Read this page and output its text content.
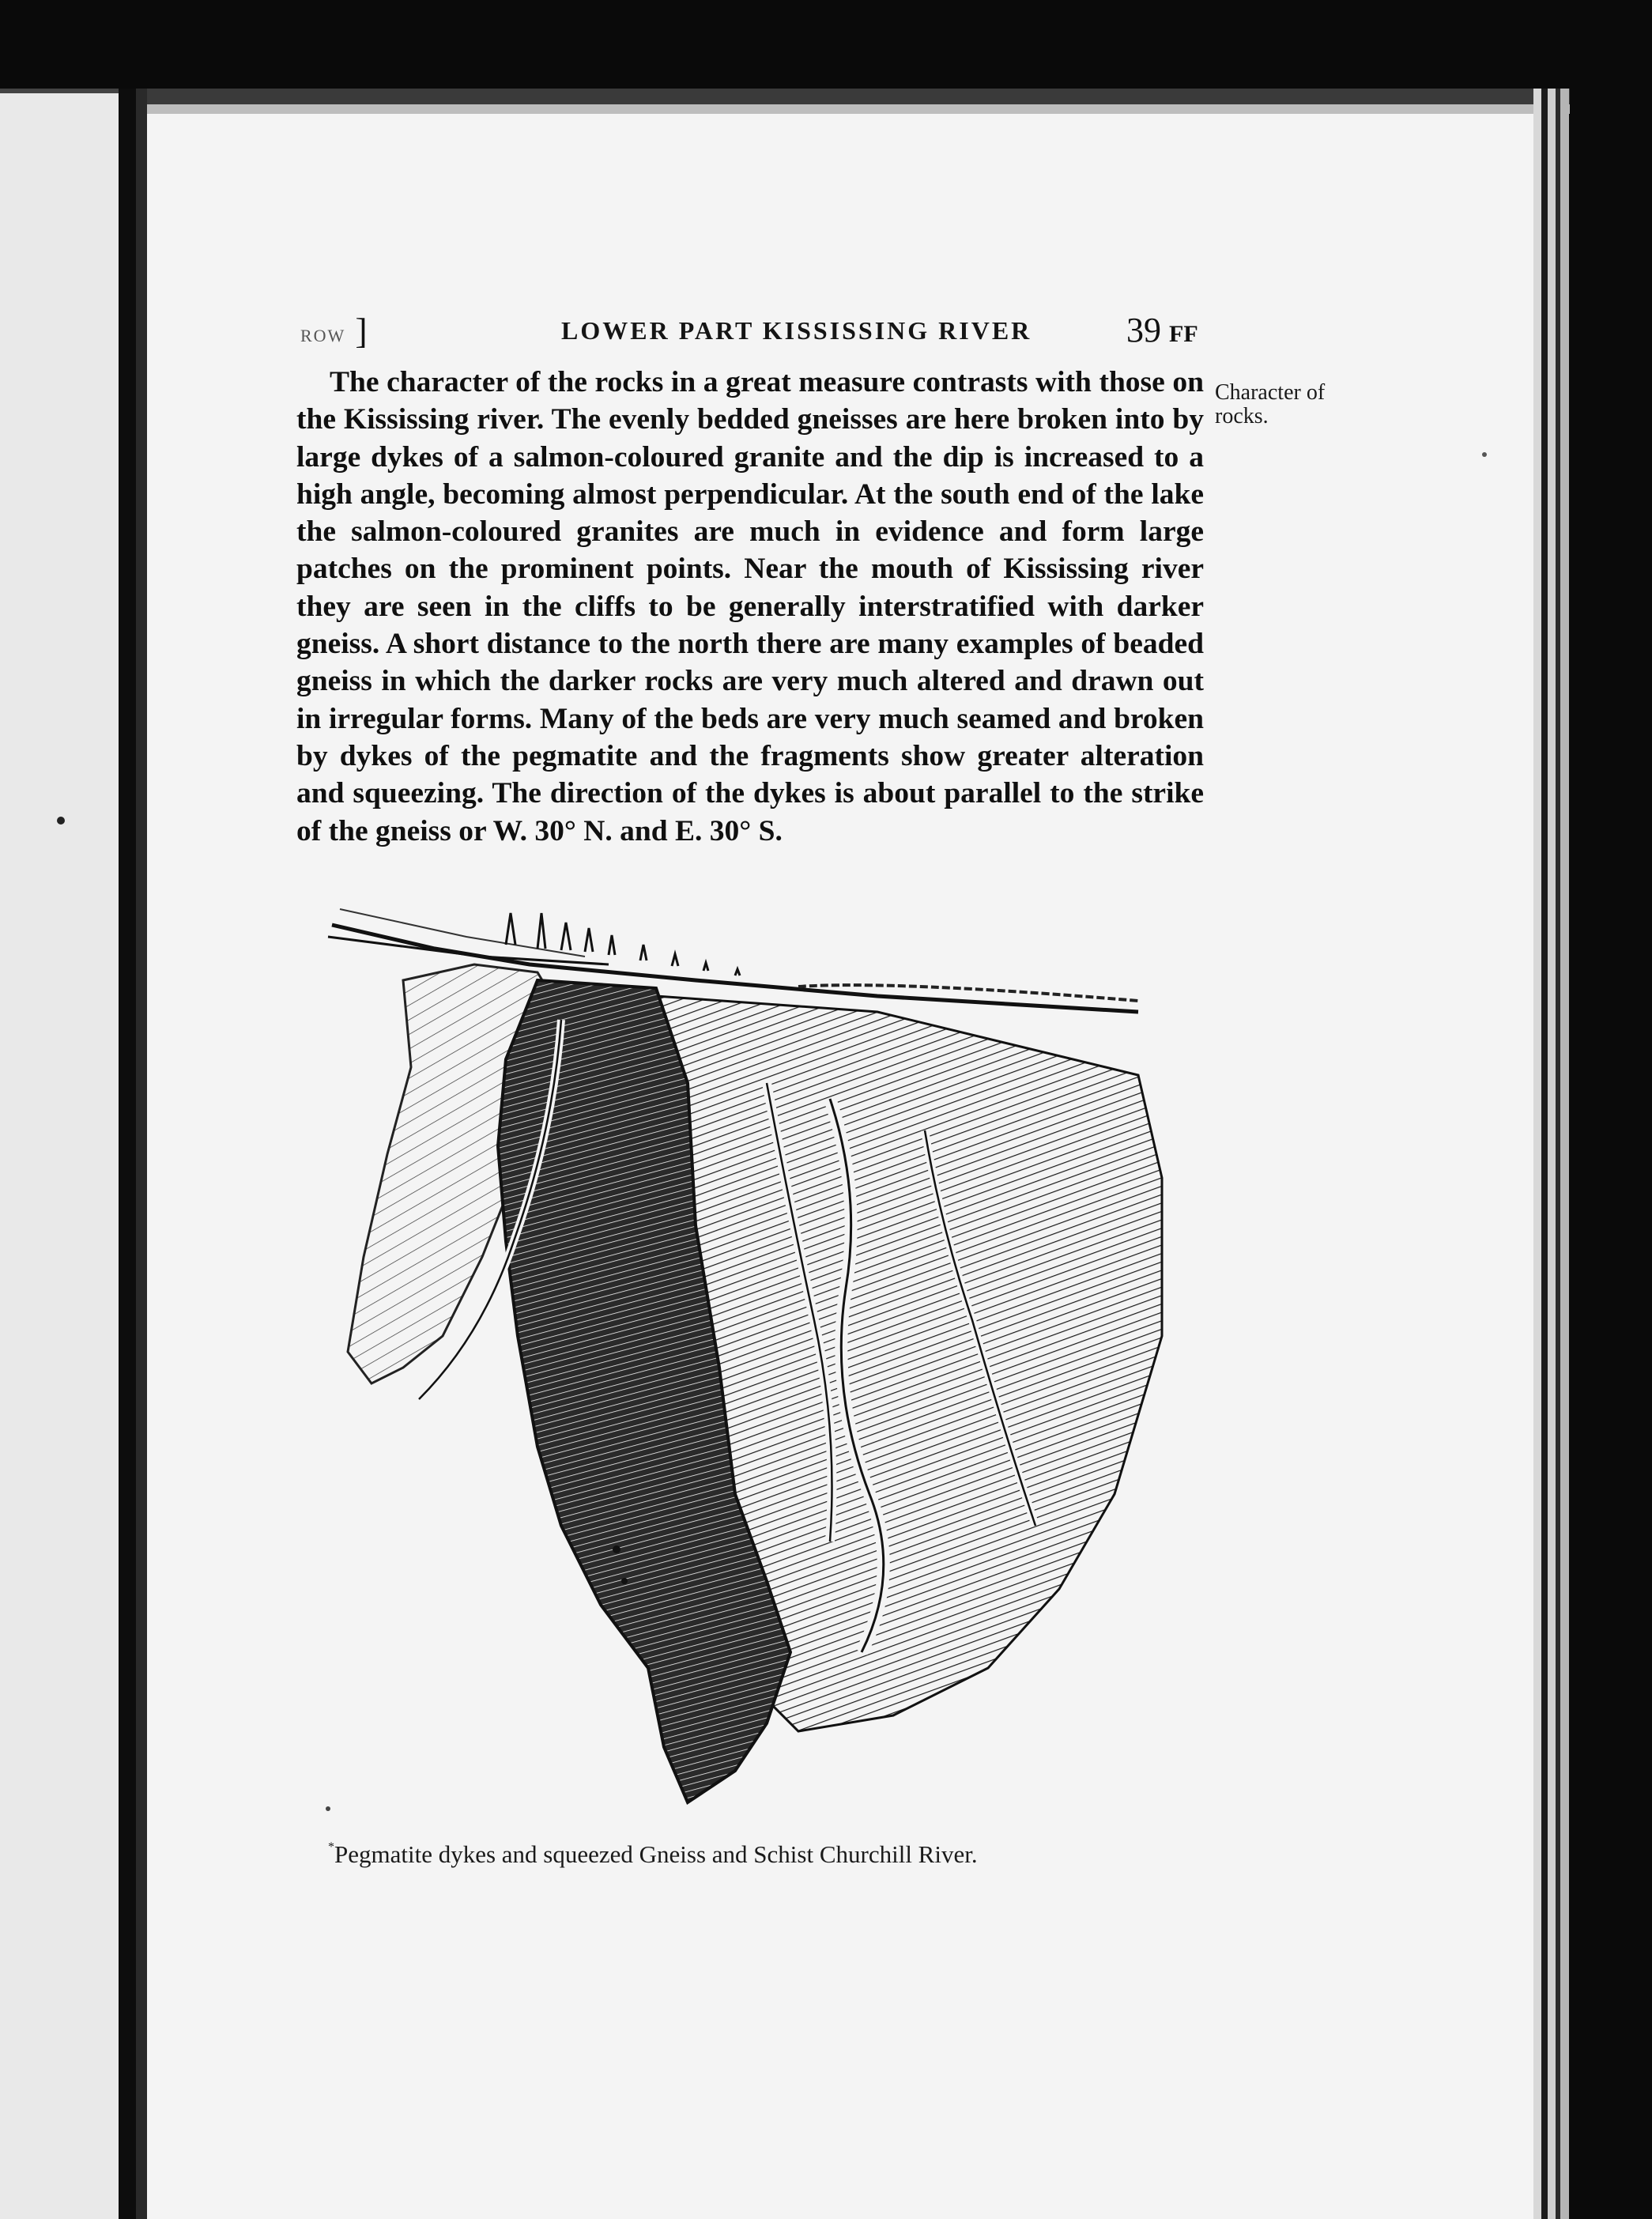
ROW ]	LOWER PART KISSISSING RIVER	39 FF
Character of rocks.

The character of the rocks in a great measure contrasts with those on the Kississing river. The evenly bedded gneisses are here broken into by large dykes of a salmon-coloured granite and the dip is increased to a high angle, becoming almost perpendicular. At the south end of the lake the salmon-coloured granites are much in evidence and form large patches on the prominent points. Near the mouth of Kississing river they are seen in the cliffs to be generally interstratified with darker gneiss. A short distance to the north there are many examples of beaded gneiss in which the darker rocks are very much altered and drawn out in irregular forms. Many of the beds are very much seamed and broken by dykes of the pegmatite and the fragments show greater alteration and squeezing. The direction of the dykes is about parallel to the strike of the gneiss or W. 30° N. and E. 30° S.

*Pegmatite dykes and squeezed Gneiss and Schist Churchill River.
